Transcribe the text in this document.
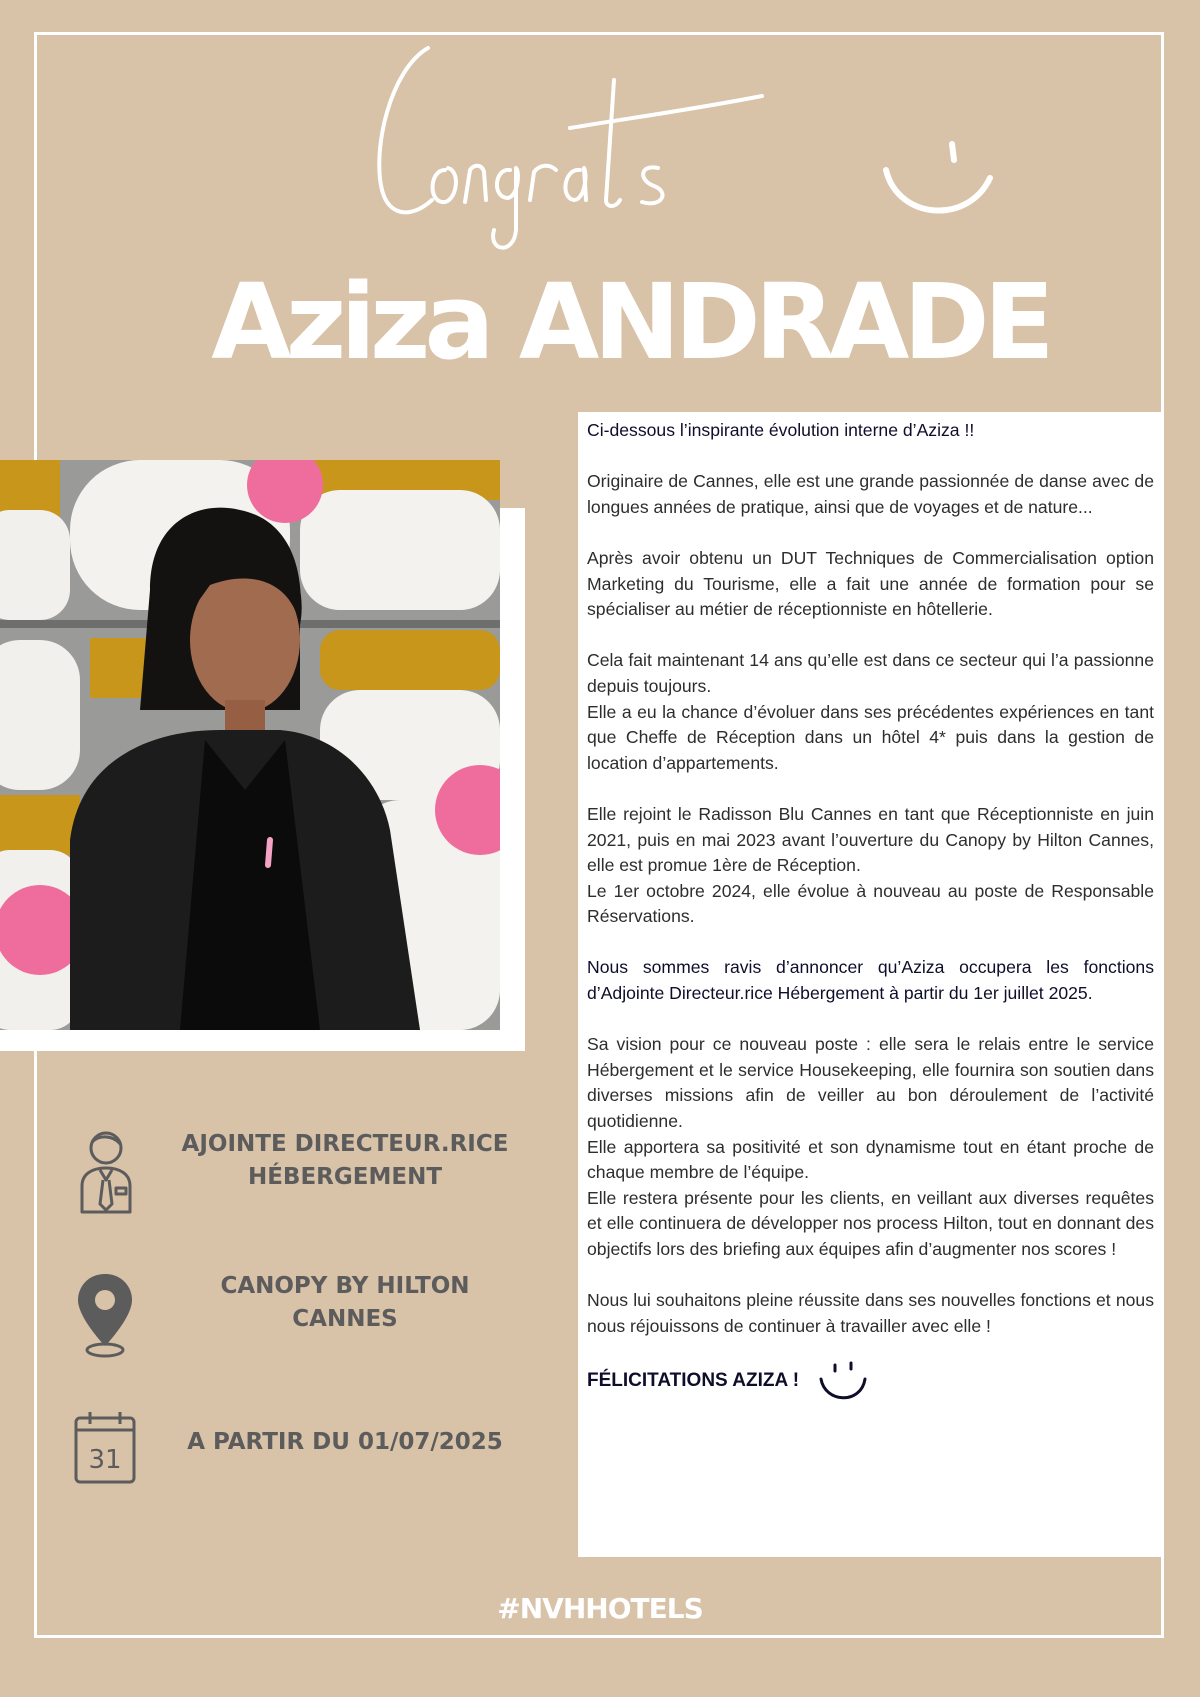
Aziza ANDRADE
AJOINTE DIRECTEUR.RICE
HÉBERGEMENT
CANOPY BY HILTON
CANNES
31
A PARTIR DU 01/07/2025

Ci-dessous l’inspirante évolution interne d’Aziza !!

Originaire de Cannes, elle est une grande passionnée de danse avec de longues années de pratique, ainsi que de voyages et de nature...

Après avoir obtenu un DUT Techniques de Commercialisation option Marketing du Tourisme, elle a fait une année de formation pour se spécialiser au métier de réceptionniste en hôtellerie.

Cela fait maintenant 14 ans qu’elle est dans ce secteur qui l’a passionne depuis toujours.

Elle a eu la chance d’évoluer dans ses précédentes expériences en tant que Cheffe de Réception dans un hôtel 4* puis dans la gestion de location d’appartements.

Elle rejoint le Radisson Blu Cannes en tant que Réceptionniste en juin 2021, puis en mai 2023 avant l’ouverture du Canopy by Hilton Cannes, elle est promue 1ère de Réception.

Le 1er octobre 2024, elle évolue à nouveau au poste de Responsable Réservations.

Nous sommes ravis d’annoncer qu’Aziza occupera les fonctions d’Adjointe Directeur.rice Hébergement à partir du 1er juillet 2025.

Sa vision pour ce nouveau poste : elle sera le relais entre le service Hébergement et le service Housekeeping, elle fournira son soutien dans diverses missions afin de veiller au bon déroulement de l’activité quotidienne.

Elle apportera sa positivité et son dynamisme tout en étant proche de chaque membre de l’équipe.

Elle restera présente pour les clients, en veillant aux diverses requêtes et elle continuera de développer nos process Hilton, tout en donnant des objectifs lors des briefing aux équipes afin d’augmenter nos scores !

Nous lui souhaitons pleine réussite dans ses nouvelles fonctions et nous nous réjouissons de continuer à travailler avec elle !

FÉLICITATIONS AZIZA !
#NVHHOTELS
